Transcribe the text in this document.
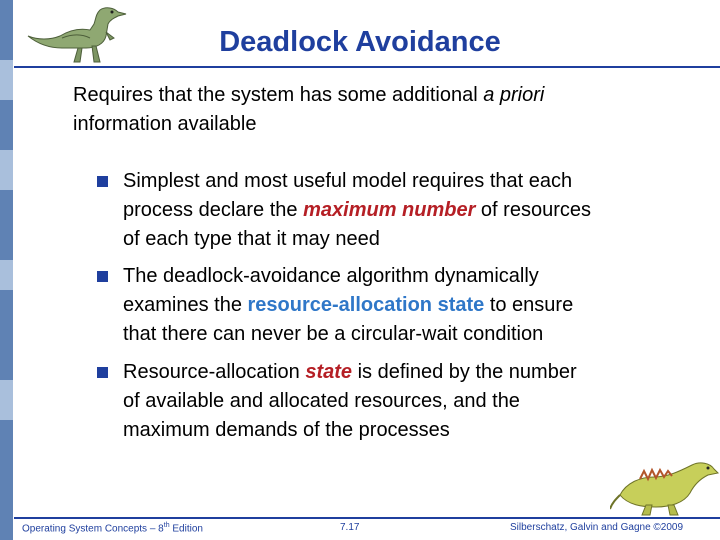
Deadlock Avoidance
Requires that the system has some additional a priori
information available
Simplest and most useful model requires that each
process declare the maximum number of resources
of each type that it may need
The deadlock-avoidance algorithm dynamically
examines the resource-allocation state to ensure
that there can never be a circular-wait condition
Resource-allocation state is defined by the number
of available and allocated resources, and the
maximum demands of the processes
Operating System Concepts – 8th Edition	7.17	Silberschatz, Galvin and Gagne ©2009
